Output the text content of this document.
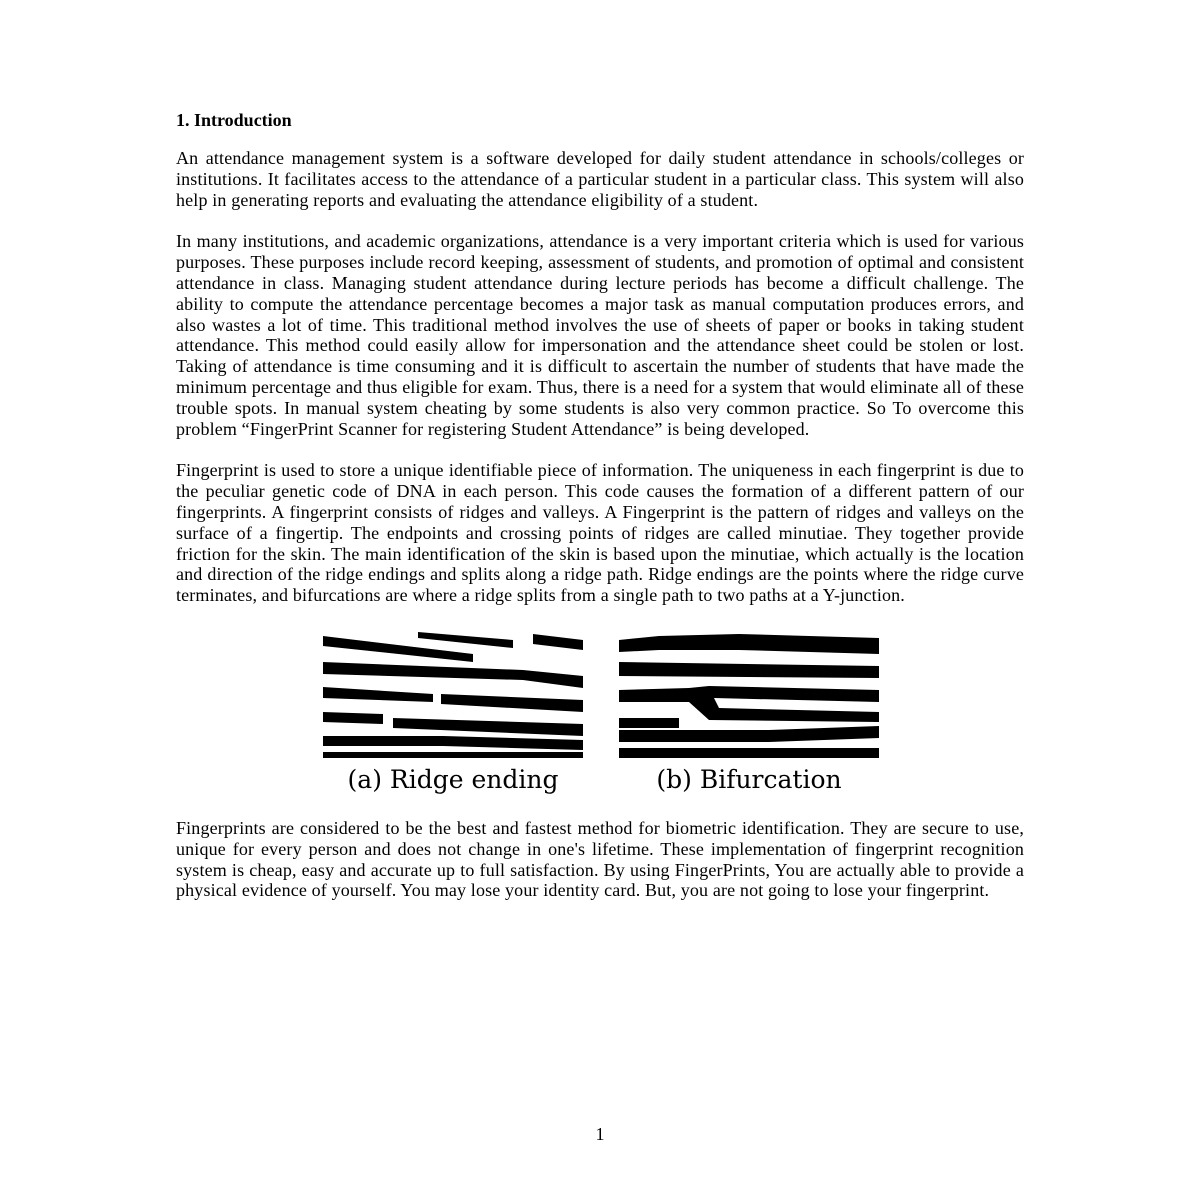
1. Introduction

An attendance management system is a software developed for daily student attendance in schools/colleges or institutions. It facilitates access to the attendance of a particular student in a particular class. This system will also help in generating reports and evaluating the attendance eligibility of a student.

In many institutions, and academic organizations, attendance is a very important criteria which is used for various purposes. These purposes include record keeping, assessment of students, and promotion of optimal and consistent attendance in class. Managing student attendance during lecture periods has become a difficult challenge. The ability to compute the attendance percentage becomes a major task as manual computation produces errors, and also wastes a lot of time. This traditional method involves the use of sheets of paper or books in taking student attendance. This method could easily allow for impersonation and the attendance sheet could be stolen or lost. Taking of attendance is time consuming and it is difficult to ascertain the number of students that have made the minimum percentage and thus eligible for exam. Thus, there is a need for a system that would eliminate all of these trouble spots. In manual system cheating by some students is also very common practice. So To overcome this problem “FingerPrint Scanner for registering Student Attendance” is being developed.

Fingerprint is used to store a unique identifiable piece of information. The uniqueness in each fingerprint is due to the peculiar genetic code of DNA in each person. This code causes the formation of a different pattern of our fingerprints. A fingerprint consists of ridges and valleys. A Fingerprint is the pattern of ridges and valleys on the surface of a fingertip. The endpoints and crossing points of ridges are called minutiae. They together provide friction for the skin. The main identification of the skin is based upon the minutiae, which actually is the location and direction of the ridge endings and splits along a ridge path. Ridge endings are the points where the ridge curve terminates, and bifurcations are where a ridge splits from a single path to two paths at a Y-junction.

(a) Ridge ending	(b) Bifurcation

Fingerprints are considered to be the best and fastest method for biometric identification. They are secure to use, unique for every person and does not change in one's lifetime. These implementation of fingerprint recognition system is cheap, easy and accurate up to full satisfaction. By using FingerPrints, You are actually able to provide a physical evidence of yourself. You may lose your identity card. But, you are not going to lose your fingerprint.

1
